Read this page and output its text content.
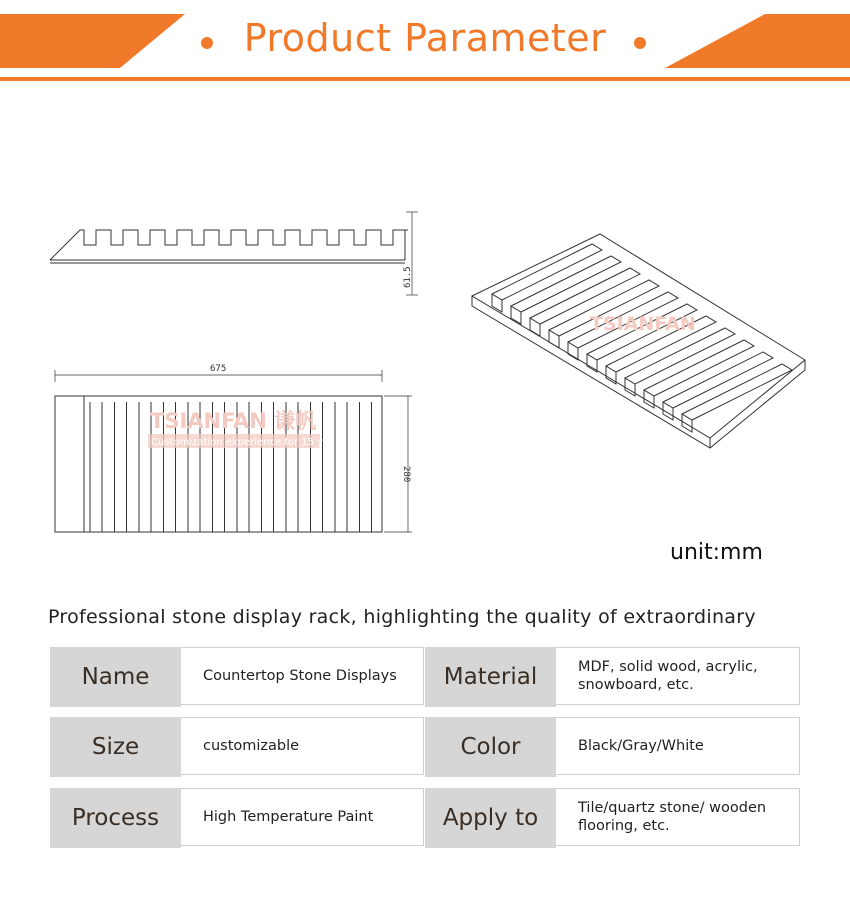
Product Parameter
61.5
675
280
TSIANFAN 谦帆
Customization experience for 15 years
TSIANFAN
unit:mm
Professional stone display rack, highlighting the quality of extraordinary
Name	Countertop Stone Displays	Material	MDF, solid wood, acrylic, snowboard, etc.
Size	customizable	Color	Black/Gray/White
Process	High Temperature Paint	Apply to	Tile/quartz stone/ wooden flooring, etc.
